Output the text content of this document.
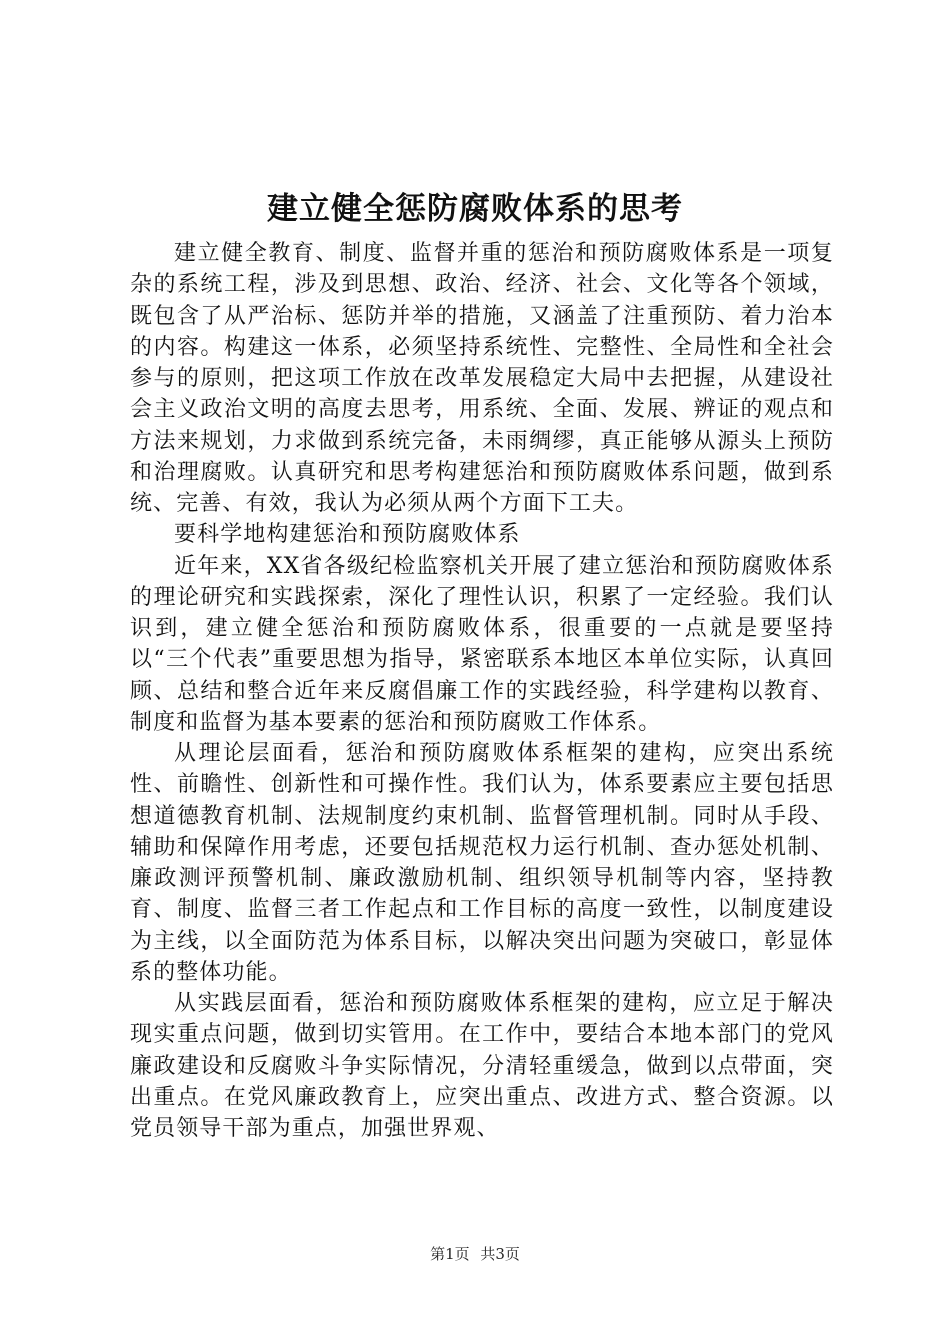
建立健全惩防腐败体系的思考

建立健全教育、制度、监督并重的惩治和预防腐败体系是一项复杂的系统工程，涉及到思想、政治、经济、社会、文化等各个领域，既包含了从严治标、惩防并举的措施，又涵盖了注重预防、着力治本的内容。构建这一体系，必须坚持系统性、完整性、全局性和全社会参与的原则，把这项工作放在改革发展稳定大局中去把握，从建设社会主义政治文明的高度去思考，用系统、全面、发展、辨证的观点和方法来规划，力求做到系统完备，未雨绸缪，真正能够从源头上预防和治理腐败。认真研究和思考构建惩治和预防腐败体系问题，做到系统、完善、有效，我认为必须从两个方面下工夫。

要科学地构建惩治和预防腐败体系

近年来，XX省各级纪检监察机关开展了建立惩治和预防腐败体系的理论研究和实践探索，深化了理性认识，积累了一定经验。我们认识到，建立健全惩治和预防腐败体系，很重要的一点就是要坚持以“三个代表”重要思想为指导，紧密联系本地区本单位实际，认真回顾、总结和整合近年来反腐倡廉工作的实践经验，科学建构以教育、制度和监督为基本要素的惩治和预防腐败工作体系。

从理论层面看，惩治和预防腐败体系框架的建构，应突出系统性、前瞻性、创新性和可操作性。我们认为，体系要素应主要包括思想道德教育机制、法规制度约束机制、监督管理机制。同时从手段、辅助和保障作用考虑，还要包括规范权力运行机制、查办惩处机制、廉政测评预警机制、廉政激励机制、组织领导机制等内容，坚持教育、制度、监督三者工作起点和工作目标的高度一致性，以制度建设为主线，以全面防范为体系目标，以解决突出问题为突破口，彰显体系的整体功能。

从实践层面看，惩治和预防腐败体系框架的建构，应立足于解决现实重点问题，做到切实管用。在工作中，要结合本地本部门的党风廉政建设和反腐败斗争实际情况，分清轻重缓急，做到以点带面，突出重点。在党风廉政教育上，应突出重点、改进方式、整合资源。以党员领导干部为重点，加强世界观、

第1页 共3页
